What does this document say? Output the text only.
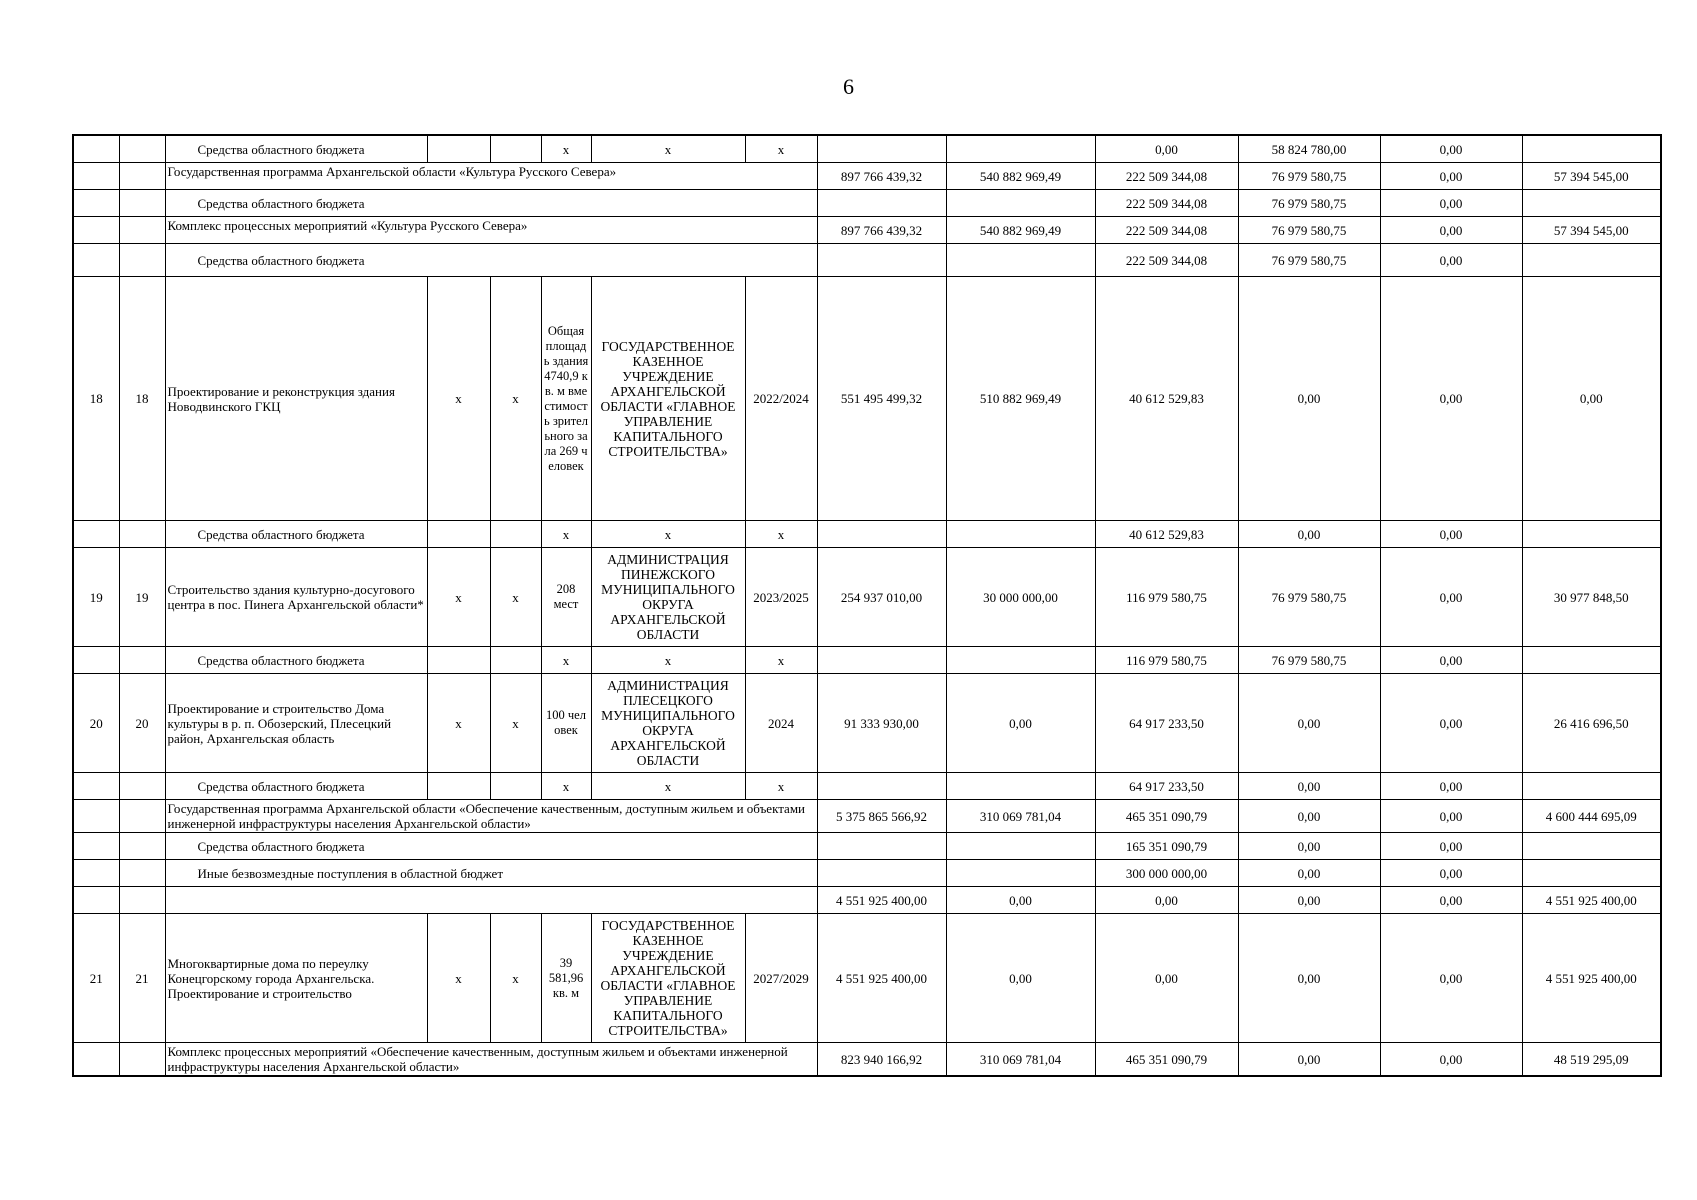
6
		Средства областного бюджета			x	x	x			0,00	58 824 780,00	0,00	
		Государственная программа Архангельской области «Культура Русского Севера»						897 766 439,32	540 882 969,49	222 509 344,08	76 979 580,75	0,00	57 394 545,00
		Средства областного бюджета								222 509 344,08	76 979 580,75	0,00	
		Комплекс процессных мероприятий «Культура Русского Севера»						897 766 439,32	540 882 969,49	222 509 344,08	76 979 580,75	0,00	57 394 545,00
		Средства областного бюджета								222 509 344,08	76 979 580,75	0,00	
18	18	Проектирование и реконструкция здания Новодвинского ГКЦ	x	x	Общая площадь здания 4740,9 кв. м вместимость зрительного зала 269 человек	ГОСУДАРСТВЕННОЕ КАЗЕННОЕ УЧРЕЖДЕНИЕ АРХАНГЕЛЬСКОЙ ОБЛАСТИ «ГЛАВНОЕ УПРАВЛЕНИЕ КАПИТАЛЬНОГО СТРОИТЕЛЬСТВА»	2022/2024	551 495 499,32	510 882 969,49	40 612 529,83	0,00	0,00	0,00
		Средства областного бюджета			x	x	x			40 612 529,83	0,00	0,00	
19	19	Строительство здания культурно-досугового центра в пос. Пинега Архангельской области*	x	x	208 мест	АДМИНИСТРАЦИЯ ПИНЕЖСКОГО МУНИЦИПАЛЬНОГО ОКРУГА АРХАНГЕЛЬСКОЙ ОБЛАСТИ	2023/2025	254 937 010,00	30 000 000,00	116 979 580,75	76 979 580,75	0,00	30 977 848,50
		Средства областного бюджета			x	x	x			116 979 580,75	76 979 580,75	0,00	
20	20	Проектирование и строительство Дома культуры в р. п. Обозерский, Плесецкий район, Архангельская область	x	x	100 человек	АДМИНИСТРАЦИЯ ПЛЕСЕЦКОГО МУНИЦИПАЛЬНОГО ОКРУГА АРХАНГЕЛЬСКОЙ ОБЛАСТИ	2024	91 333 930,00	0,00	64 917 233,50	0,00	0,00	26 416 696,50
		Средства областного бюджета			x	x	x			64 917 233,50	0,00	0,00	
		Государственная программа Архангельской области «Обеспечение качественным, доступным жильем и объектами инженерной инфраструктуры населения Архангельской области»						5 375 865 566,92	310 069 781,04	465 351 090,79	0,00	0,00	4 600 444 695,09
		Средства областного бюджета								165 351 090,79	0,00	0,00	
		Иные безвозмездные поступления в областной бюджет								300 000 000,00	0,00	0,00	
								4 551 925 400,00	0,00	0,00	0,00	0,00	4 551 925 400,00
21	21	Многоквартирные дома по переулку Конецгорскому города Архангельска. Проектирование и строительство	x	x	39 581,96 кв. м	ГОСУДАРСТВЕННОЕ КАЗЕННОЕ УЧРЕЖДЕНИЕ АРХАНГЕЛЬСКОЙ ОБЛАСТИ «ГЛАВНОЕ УПРАВЛЕНИЕ КАПИТАЛЬНОГО СТРОИТЕЛЬСТВА»	2027/2029	4 551 925 400,00	0,00	0,00	0,00	0,00	4 551 925 400,00
		Комплекс процессных мероприятий «Обеспечение качественным, доступным жильем и объектами инженерной инфраструктуры населения Архангельской области»						823 940 166,92	310 069 781,04	465 351 090,79	0,00	0,00	48 519 295,09
